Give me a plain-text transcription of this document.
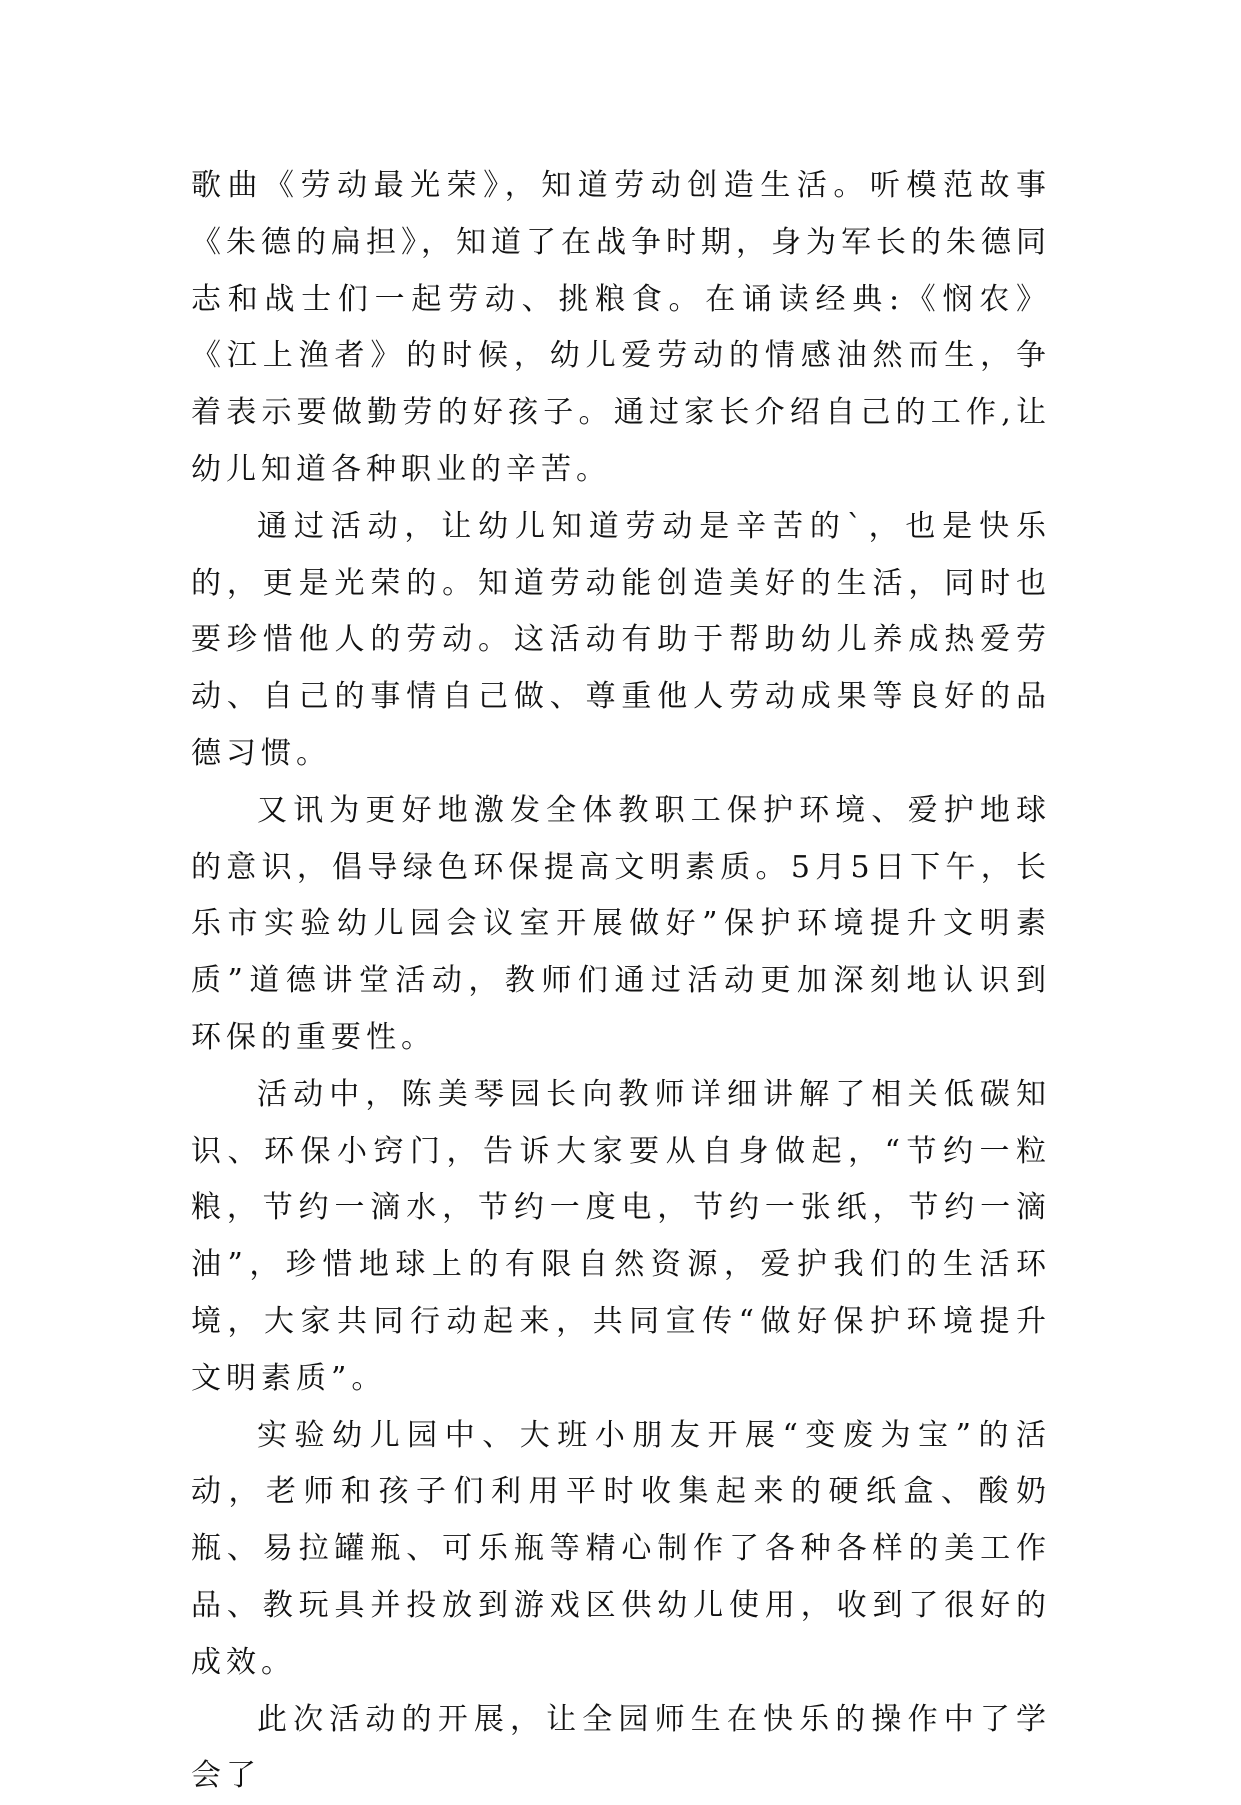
歌曲《劳动最光荣》，知道劳动创造生活。听模范故事《朱德的扁担》，知道了在战争时期，身为军长的朱德同志和战士们一起劳动、挑粮食。在诵读经典:《悯农》《江上渔者》的时候，幼儿爱劳动的情感油然而生，争着表示要做勤劳的好孩子。通过家长介绍自己的工作,让幼儿知道各种职业的辛苦。

通过活动，让幼儿知道劳动是辛苦的`，也是快乐的，更是光荣的。知道劳动能创造美好的生活，同时也要珍惜他人的劳动。这活动有助于帮助幼儿养成热爱劳动、自己的事情自己做、尊重他人劳动成果等良好的品德习惯。

又讯为更好地激发全体教职工保护环境、爱护地球的意识，倡导绿色环保提高文明素质。5月5日下午，长乐市实验幼儿园会议室开展做好”保护环境提升文明素质”道德讲堂活动，教师们通过活动更加深刻地认识到环保的重要性。

活动中，陈美琴园长向教师详细讲解了相关低碳知识、环保小窍门，告诉大家要从自身做起，“节约一粒粮，节约一滴水，节约一度电，节约一张纸，节约一滴油”，珍惜地球上的有限自然资源，爱护我们的生活环境，大家共同行动起来，共同宣传“做好保护环境提升文明素质”。

实验幼儿园中、大班小朋友开展“变废为宝”的活动，老师和孩子们利用平时收集起来的硬纸盒、酸奶瓶、易拉罐瓶、可乐瓶等精心制作了各种各样的美工作品、教玩具并投放到游戏区供幼儿使用，收到了很好的成效。

此次活动的开展，让全园师生在快乐的操作中了学会了
